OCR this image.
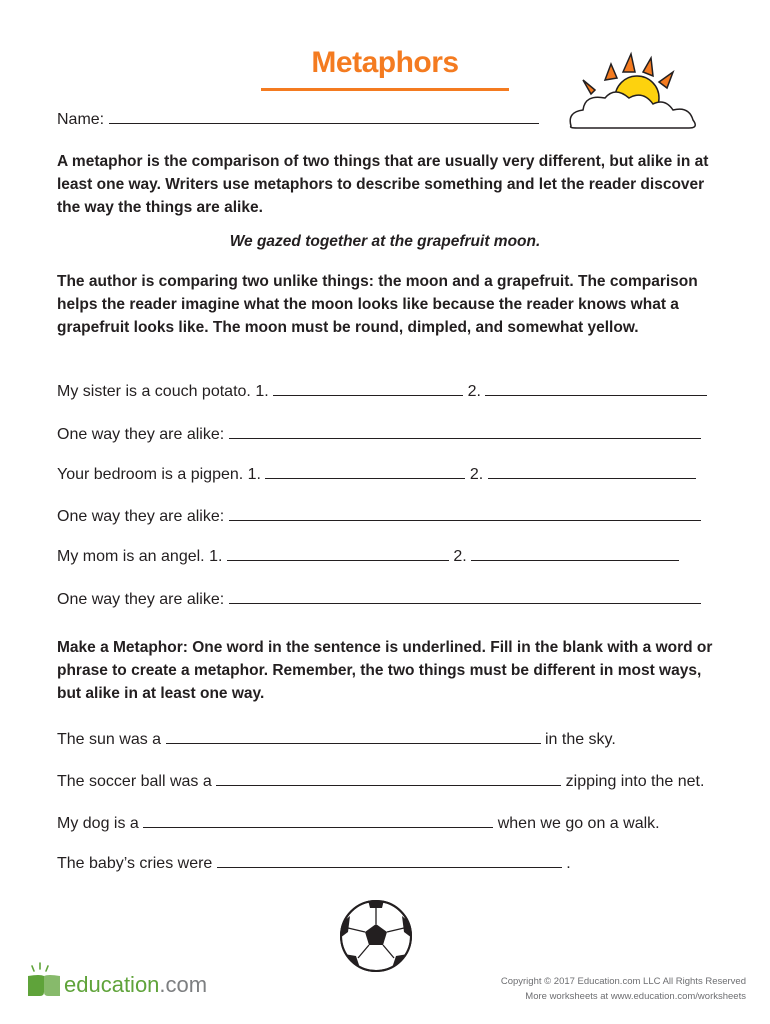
Metaphors
Name:
A metaphor is the comparison of two things that are usually very different, but alike in at least one way. Writers use metaphors to describe something and let the reader discover the way the things are alike.
We gazed together at the grapefruit moon.
The author is comparing two unlike things: the moon and a grapefruit. The comparison helps the reader imagine what the moon looks like because the reader knows what a grapefruit looks like. The moon must be round, dimpled, and somewhat yellow.
My sister is a couch potato. 1.	2.
One way they are alike:
Your bedroom is a pigpen. 1.	2.
One way they are alike:
My mom is an angel. 1.	2.
One way they are alike:
Make a Metaphor: One word in the sentence is underlined. Fill in the blank with a word or phrase to create a metaphor. Remember, the two things must be different in most ways, but alike in at least one way.
The sun was a	in the sky.
The soccer ball was a	zipping into the net.
My dog is a	when we go on a walk.
The baby’s cries were	.
education.com	Copyright © 2017 Education.com LLC All Rights Reserved
More worksheets at www.education.com/worksheets
